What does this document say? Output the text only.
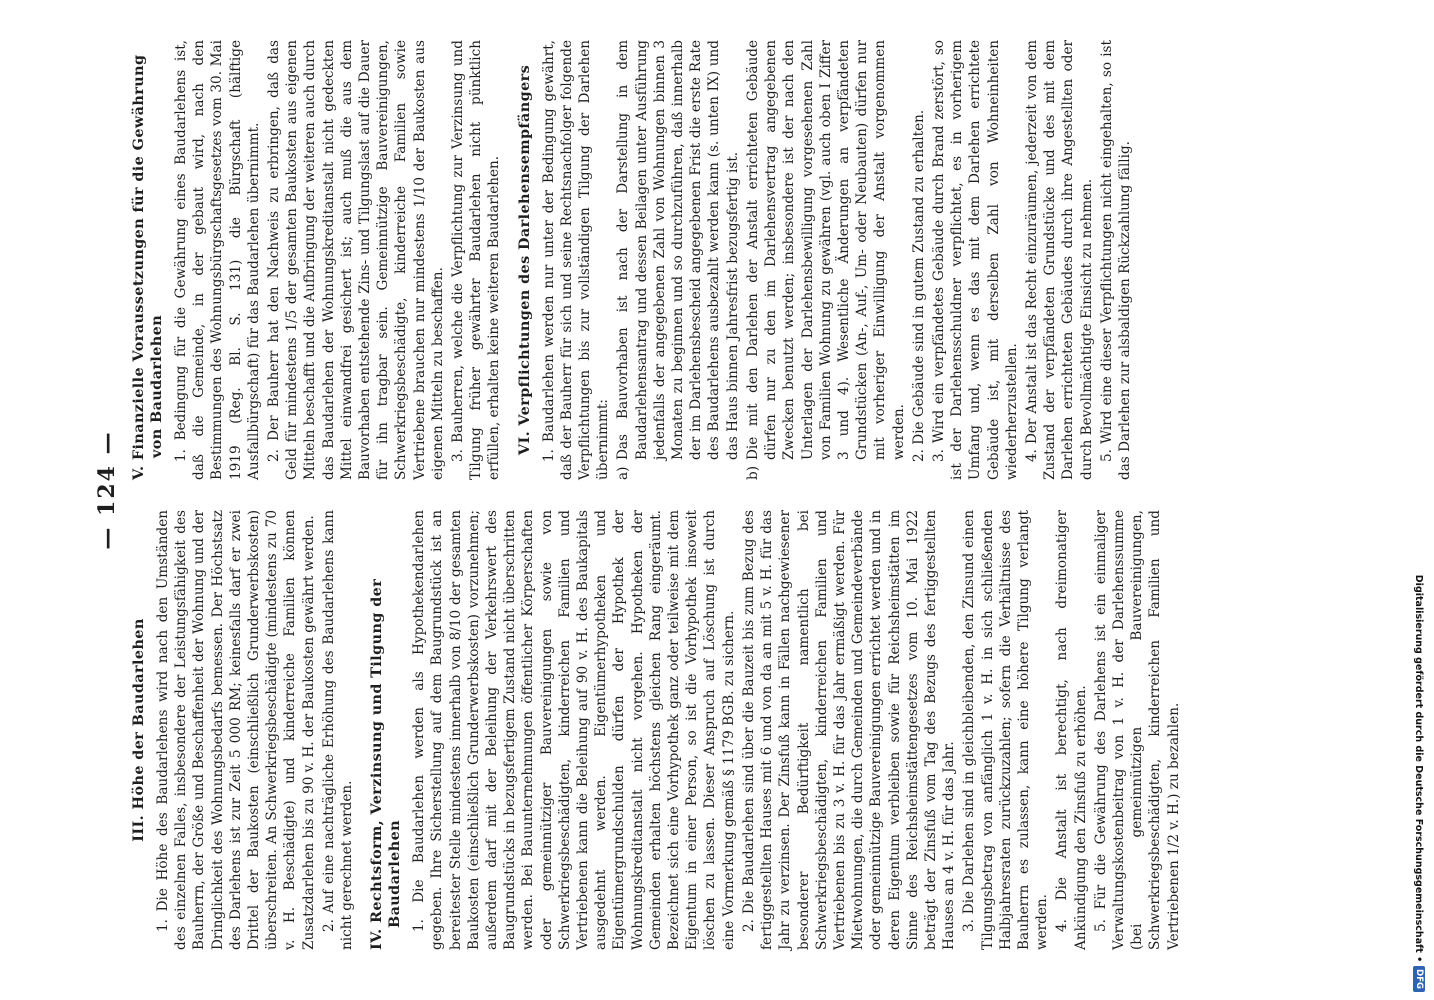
— 124 —
III. Höhe der Baudarlehen 1. Die Höhe des Baudarlehens wird nach den Umständen des einzelnen Falles, insbesondere der Leistungsfähigkeit des Bauherrn, der Größe und Beschaffenheit der Wohnung und der Dringlichkeit des Wohnungsbedarfs bemessen. Der Höchstsatz des Darlehens ist zur Zeit 5 000 RM; keinesfalls darf er zwei Drittel der Baukosten (einschließlich Grunderwerbskosten) überschreiten. An Schwerkriegsbeschädigte (mindestens zu 70 v. H. Beschädigte) und kinderreiche Familien können Zusatzdarlehen bis zu 90 v. H. der Baukosten gewährt werden. 2. Auf eine nachträgliche Erhöhung des Baudarlehens kann nicht gerechnet werden. IV. Rechtsform, Verzinsung und Tilgung der Baudarlehen 1. Die Baudarlehen werden als Hypothekendarlehen gegeben. Ihre Sicherstellung auf dem Baugrundstück ist an bereitester Stelle mindestens innerhalb von 8/10 der gesamten Baukosten (einschließlich Grunderwerbskosten) vorzunehmen; außerdem darf mit der Beleihung der Verkehrswert des Baugrundstücks in bezugsfertigem Zustand nicht überschritten werden. Bei Bauunternehmungen öffentlicher Körperschaften oder gemeinnütziger Bauvereinigungen sowie von Schwerkriegsbeschädigten, kinderreichen Familien und Vertriebenen kann die Beleihung auf 90 v. H. des Baukapitals ausgedehnt werden. Eigentümerhypotheken und Eigentümergrundschulden dürfen der Hypothek der Wohnungskreditanstalt nicht vorgehen. Hypotheken der Gemeinden erhalten höchstens gleichen Rang eingeräumt. Bezeichnet sich eine Vorhypothek ganz oder teilweise mit dem Eigentum in einer Person, so ist die Vorhypothek insoweit löschen zu lassen. Dieser Anspruch auf Löschung ist durch eine Vormerkung gemäß § 1179 BGB. zu sichern. 2. Die Baudarlehen sind über die Bauzeit bis zum Bezug des fertiggestellten Hauses mit 6 und von da an mit 5 v. H. für das Jahr zu verzinsen. Der Zinsfuß kann in Fällen nachgewiesener besonderer Bedürftigkeit namentlich bei Schwerkriegsbeschädigten, kinderreichen Familien und Vertriebenen bis zu 3 v. H. für das Jahr ermäßigt werden. Für Mietwohnungen, die durch Gemeinden und Gemeindeverbände oder gemeinnützige Bauvereinigungen errichtet werden und in deren Eigentum verbleiben sowie für Reichsheimstätten im Sinne des Reichsheimstättengesetzes vom 10. Mai 1922 beträgt der Zinsfuß vom Tag des Bezugs des fertiggestellten Hauses an 4 v. H. für das Jahr. 3. Die Darlehen sind in gleichbleibenden, den Zinsund einen Tilgungsbetrag von anfänglich 1 v. H. in sich schließenden Halbjahresraten zurückzuzahlen; sofern die Verhältnisse des Bauherrn es zulassen, kann eine höhere Tilgung verlangt werden. 4. Die Anstalt ist berechtigt, nach dreimonatiger Ankündigung den Zinsfuß zu erhöhen. 5. Für die Gewährung des Darlehens ist ein einmaliger Verwaltungskostenbeitrag von 1 v. H. der Darlehenssumme (bei gemeinnützigen Bauvereinigungen, Schwerkriegsbeschädigten, kinderreichen Familien und Vertriebenen 1/2 v. H.) zu bezahlen.

V. Finanzielle Voraussetzungen für die Gewährung von Baudarlehen 1. Bedingung für die Gewährung eines Baudarlehens ist, daß die Gemeinde, in der gebaut wird, nach den Bestimmungen des Wohnungsbürgschaftsgesetzes vom 30. Mai 1919 (Reg. Bl. S. 131) die Bürgschaft (hälftige Ausfallbürgschaft) für das Baudarlehen übernimmt. 2. Der Bauherr hat den Nachweis zu erbringen, daß das Geld für mindestens 1/5 der gesamten Baukosten aus eigenen Mitteln beschafft und die Aufbringung der weiteren auch durch das Baudarlehen der Wohnungskreditanstalt nicht gedeckten Mittel einwandfrei gesichert ist; auch muß die aus dem Bauvorhaben entstehende Zins- und Tilgungslast auf die Dauer für ihn tragbar sein. Gemeinnützige Bauvereinigungen, Schwerkriegsbeschädigte, kinderreiche Familien sowie Vertriebene brauchen nur mindestens 1/10 der Baukosten aus eigenen Mitteln zu beschaffen. 3. Bauherren, welche die Verpflichtung zur Verzinsung und Tilgung früher gewährter Baudarlehen nicht pünktlich erfüllen, erhalten keine weiteren Baudarlehen. VI. Verpflichtungen des Darlehensempfängers 1. Baudarlehen werden nur unter der Bedingung gewährt, daß der Bauherr für sich und seine Rechtsnachfolger folgende Verpflichtungen bis zur vollständigen Tilgung der Darlehen übernimmt: a)
Das Bauvorhaben ist nach der Darstellung in dem Baudarlehensantrag und dessen Beilagen unter Ausführung jedenfalls der angegebenen Zahl von Wohnungen binnen 3 Monaten zu beginnen und so durchzuführen, daß innerhalb der im Darlehensbescheid angegebenen Frist die erste Rate des Baudarlehens ausbezahlt werden kann (s. unten IX) und das Haus binnen Jahresfrist bezugsfertig ist.

b)
Die mit den Darlehen der Anstalt errichteten Gebäude dürfen nur zu den im Darlehensvertrag angegebenen Zwecken benutzt werden; insbesondere ist der nach den Unterlagen der Darlehensbewilligung vorgesehenen Zahl von Familien Wohnung zu gewähren (vgl. auch oben I Ziffer 3 und 4). Wesentliche Änderungen an verpfändeten Grundstücken (An-, Auf-, Um- oder Neubauten) dürfen nur mit vorheriger Einwilligung der Anstalt vorgenommen werden. 2. Die Gebäude sind in gutem Zustand zu erhalten. 3. Wird ein verpfändetes Gebäude durch Brand zerstört, so ist der Darlehensschuldner verpflichtet, es in vorherigem Umfang und, wenn es das mit dem Darlehen errichtete Gebäude ist, mit derselben Zahl von Wohneinheiten wiederherzustellen. 4. Der Anstalt ist das Recht einzuräumen, jederzeit von dem Zustand der verpfändeten Grundstücke und des mit dem Darlehen errichteten Gebäudes durch ihre Angestellten oder durch Bevollmächtigte Einsicht zu nehmen. 5. Wird eine dieser Verpflichtungen nicht eingehalten, so ist das Darlehen zur alsbaldigen Rückzahlung fällig.

Digitalisierung gefördert durch die Deutsche Forschungsgemeinschaft •
DFG
